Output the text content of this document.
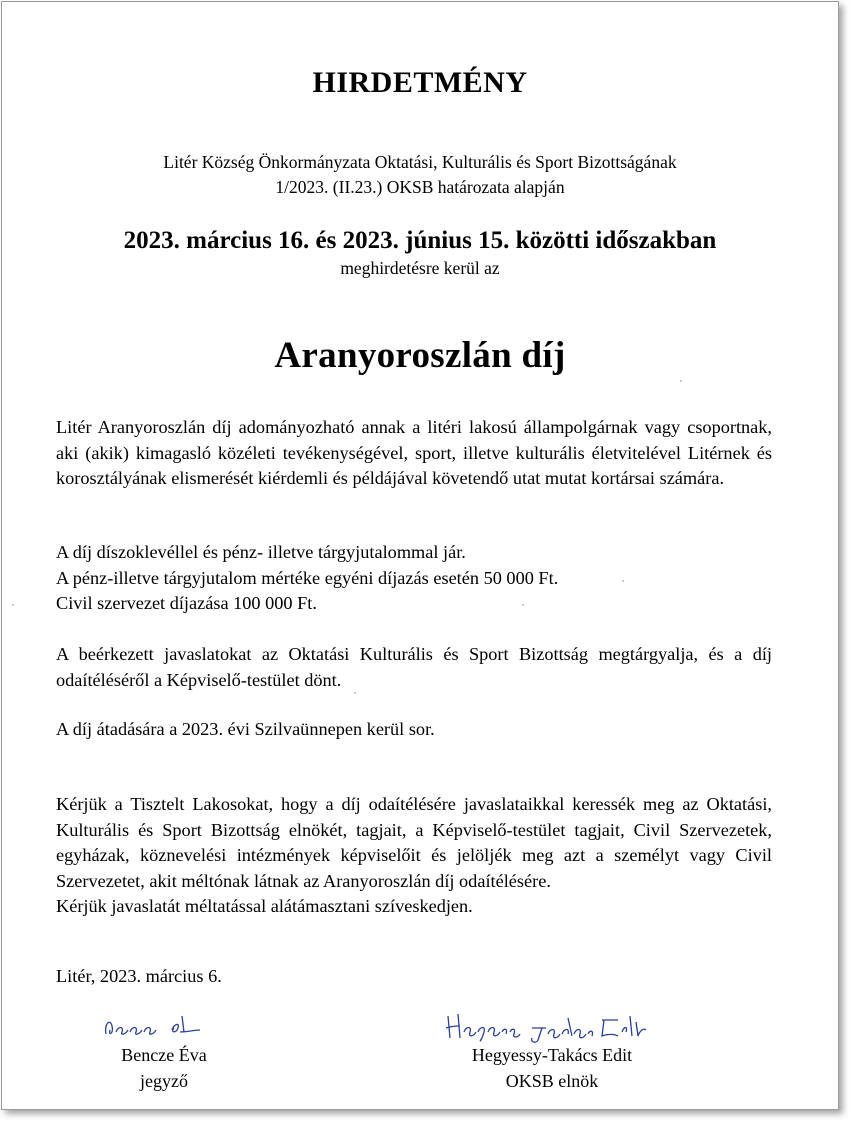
HIRDETMÉNY
Litér Község Önkormányzata Oktatási, Kulturális és Sport Bizottságának
1/2023. (II.23.) OKSB határozata alapján
2023. március 16. és 2023. június 15. közötti időszakban
meghirdetésre kerül az
Aranyoroszlán díj

Litér Aranyoroszlán díj adományozható annak a litéri lakosú állampolgárnak vagy csoportnak, aki (akik) kimagasló közéleti tevékenységével, sport, illetve kulturális életvitelével Litérnek és korosztályának elismerését kiérdemli és példájával követendő utat mutat kortársai számára.

A díj díszoklevéllel és pénz- illetve tárgyjutalommal jár.

A pénz-illetve tárgyjutalom mértéke egyéni díjazás esetén 50 000 Ft.

Civil szervezet díjazása 100 000 Ft.

A beérkezett javaslatokat az Oktatási Kulturális és Sport Bizottság megtárgyalja, és a díj odaítéléséről a Képviselő-testület dönt.

A díj átadására a 2023. évi Szilvaünnepen kerül sor.

Kérjük a Tisztelt Lakosokat, hogy a díj odaítélésére javaslataikkal keressék meg az Oktatási, Kulturális és Sport Bizottság elnökét, tagjait, a Képviselő-testület tagjait, Civil Szervezetek, egyházak, köznevelési intézmények képviselőit és jelöljék meg azt a személyt vagy Civil Szervezetet, akit méltónak látnak az Aranyoroszlán díj odaítélésére.

Kérjük javaslatát méltatással alátámasztani szíveskedjen.

Litér, 2023. március 6.

Bencze Éva
jegyző
Hegyessy-Takács Edit
OKSB elnök
